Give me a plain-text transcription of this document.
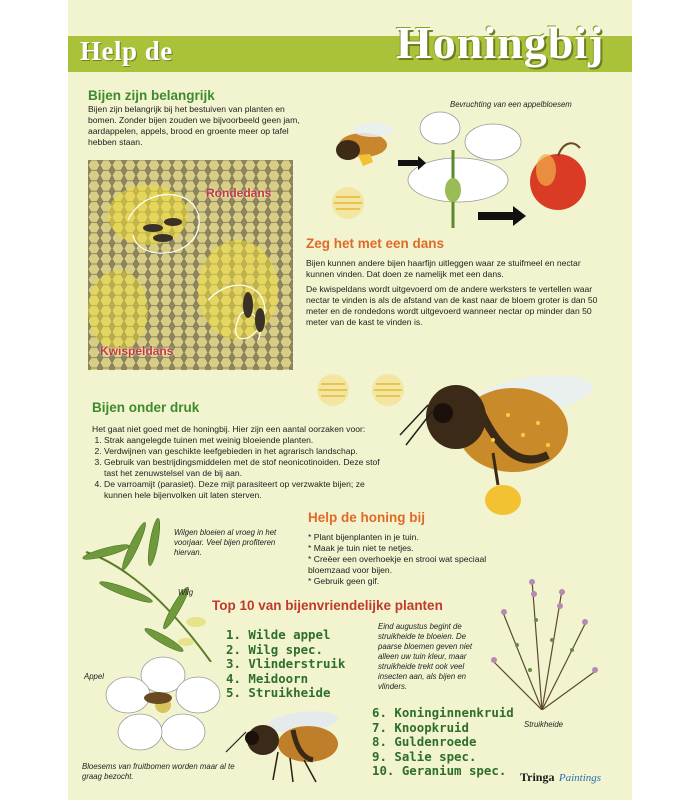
Help de	Honingbij
Bijen zijn belangrijk
Bijen zijn belangrijk bij het bestuiven van planten en bomen. Zonder bijen zouden we bijvoorbeeld geen jam, aardappelen, appels, brood en groente meer op tafel hebben staan.
Rondedans
Kwispeldans
Bevruchting van een appelbloesem
Zeg het met een dans
Bijen kunnen andere bijen haarfijn uitleggen waar ze stuifmeel en nectar kunnen vinden. Dat doen ze namelijk met een dans.
De kwispeldans wordt uitgevoerd om de andere werksters te vertellen waar nectar te vinden is als de afstand van de kast naar de bloem groter is dan 50 meter en de rondedons wordt uitgevoerd wanneer nectar op minder dan 50 meter van de kast te vinden is.
Bijen onder druk
Het gaat niet goed met de honingbij. Hier zijn een aantal oorzaken voor:
1. Strak aangelegde tuinen met weinig bloeiende planten.
2. Verdwijnen van geschikte leefgebieden in het agrarisch landschap.
3. Gebruik van bestrijdingsmiddelen met de stof neonicotinoiden. Deze stof tast het zenuwstelsel van de bij aan.
4. De varroamijt (parasiet). Deze mijt parasiteert op verzwakte bijen; ze kunnen hele bijenvolken uit laten sterven.
Wilgen bloeien al vroeg in het voorjaar. Veel bijen profiteren hiervan.
Wilg
Help de honing bij
* Plant bijenplanten in je tuin.
* Maak je tuin niet te netjes.
* Creëer een overhoekje en strooi wat speciaal bloemzaad voor bijen.
* Gebruik geen gif.
Top 10 van bijenvriendelijke planten
1. Wilde appel
2. Wilg spec.
3. Vlinderstruik
4. Meidoorn
5. Struikheide
6. Koninginnenkruid
7. Knoopkruid
8. Guldenroede
9. Salie spec.
10. Geranium spec.
Eind augustus begint de struikheide te bloeien. De paarse bloemen geven niet alleen uw tuin kleur, maar struikheide trekt ook veel insecten aan, als bijen en vlinders.
Struikheide
Appel
Bloesems van fruitbomen worden maar al te graag bezocht.	Tringa Paintings
